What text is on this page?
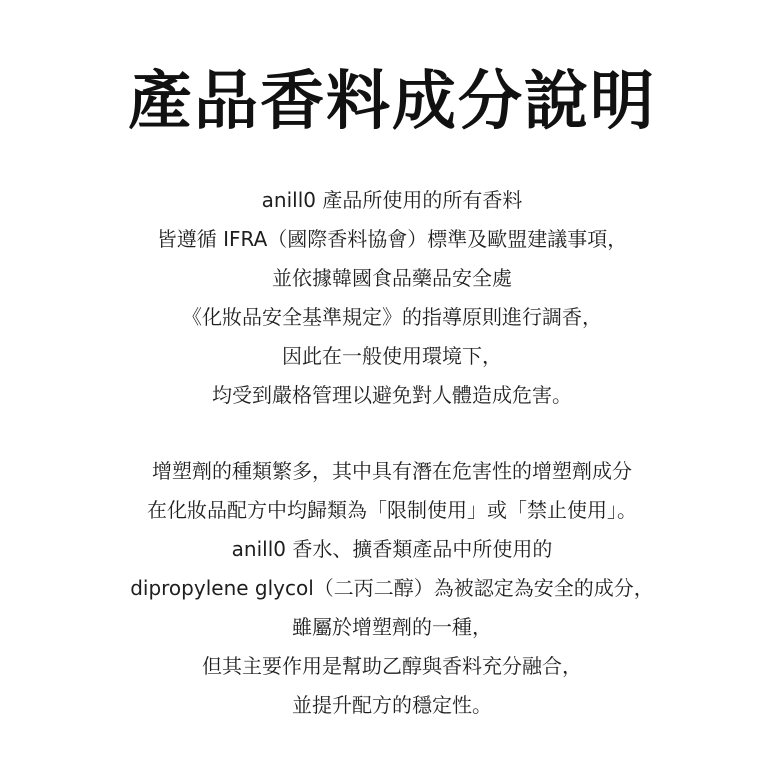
產品香料成分說明
anill0 產品所使用的所有香料
皆遵循 IFRA（國際香料協會）標準及歐盟建議事項，
並依據韓國食品藥品安全處
《化妝品安全基準規定》的指導原則進行調香，
因此在一般使用環境下，
均受到嚴格管理以避免對人體造成危害。
增塑劑的種類繁多，其中具有潛在危害性的增塑劑成分
在化妝品配方中均歸類為「限制使用」或「禁止使用」。
anill0 香水、擴香類產品中所使用的
dipropylene glycol（二丙二醇）為被認定為安全的成分，
雖屬於增塑劑的一種，
但其主要作用是幫助乙醇與香料充分融合，
並提升配方的穩定性。
